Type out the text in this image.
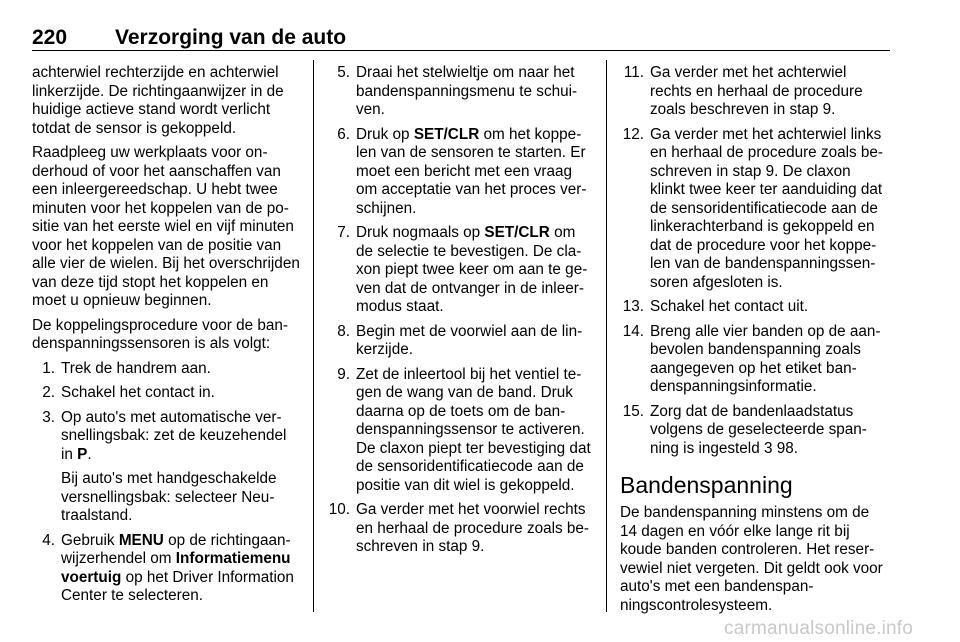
220 Verzorging van de auto

achterwiel rechterzijde en achterwiel linkerzijde. De richtingaanwijzer in de huidige actieve stand wordt verlicht totdat de sensor is gekoppeld.

Raadpleeg uw werkplaats voor onderhoud of voor het aanschaffen van een inleergereedschap. U hebt twee minuten voor het koppelen van de positie van het eerste wiel en vijf minuten voor het koppelen van de positie van alle vier de wielen. Bij het overschrijden van deze tijd stopt het koppelen en moet u opnieuw beginnen.

De koppelingsprocedure voor de bandenspanningssensoren is als volgt:

1. Trek de handrem aan.
2. Schakel het contact in.
3. Op auto's met automatische versnellingsbak: zet de keuzehendel in P.
Bij auto's met handgeschakelde versnellingsbak: selecteer Neutraalstand.
4. Gebruik MENU op de richtingaanwijzerhendel om Informatiemenu voertuig op het Driver Information Center te selecteren.
5. Draai het stelwieltje om naar het bandenspanningsmenu te schuiven.
6. Druk op SET/CLR om het koppelen van de sensoren te starten. Er moet een bericht met een vraag om acceptatie van het proces verschijnen.
7. Druk nogmaals op SET/CLR om de selectie te bevestigen. De claxon piept twee keer om aan te geven dat de ontvanger in de inleermodus staat.
8. Begin met de voorwiel aan de linkerzijde.
9. Zet de inleertool bij het ventiel tegen de wang van de band. Druk daarna op de toets om de bandenspanningssensor te activeren. De claxon piept ter bevestiging dat de sensoridentificatiecode aan de positie van dit wiel is gekoppeld.
10. Ga verder met het voorwiel rechts en herhaal de procedure zoals beschreven in stap 9.
11. Ga verder met het achterwiel rechts en herhaal de procedure zoals beschreven in stap 9.
12. Ga verder met het achterwiel links en herhaal de procedure zoals beschreven in stap 9. De claxon klinkt twee keer ter aanduiding dat de sensoridentificatiecode aan de linkerachterband is gekoppeld en dat de procedure voor het koppelen van de bandenspanningssensoren afgesloten is.
13. Schakel het contact uit.
14. Breng alle vier banden op de aanbevolen bandenspanning zoals aangegeven op het etiket bandenspanningsinformatie.
15. Zorg dat de bandenlaadstatus volgens de geselecteerde spanning is ingesteld 3 98.
Bandenspanning

De bandenspanning minstens om de 14 dagen en vóór elke lange rit bij koude banden controleren. Het reservewiel niet vergeten. Dit geldt ook voor auto's met een bandenspanningscontrolesysteem.

carmanualsonline.info
